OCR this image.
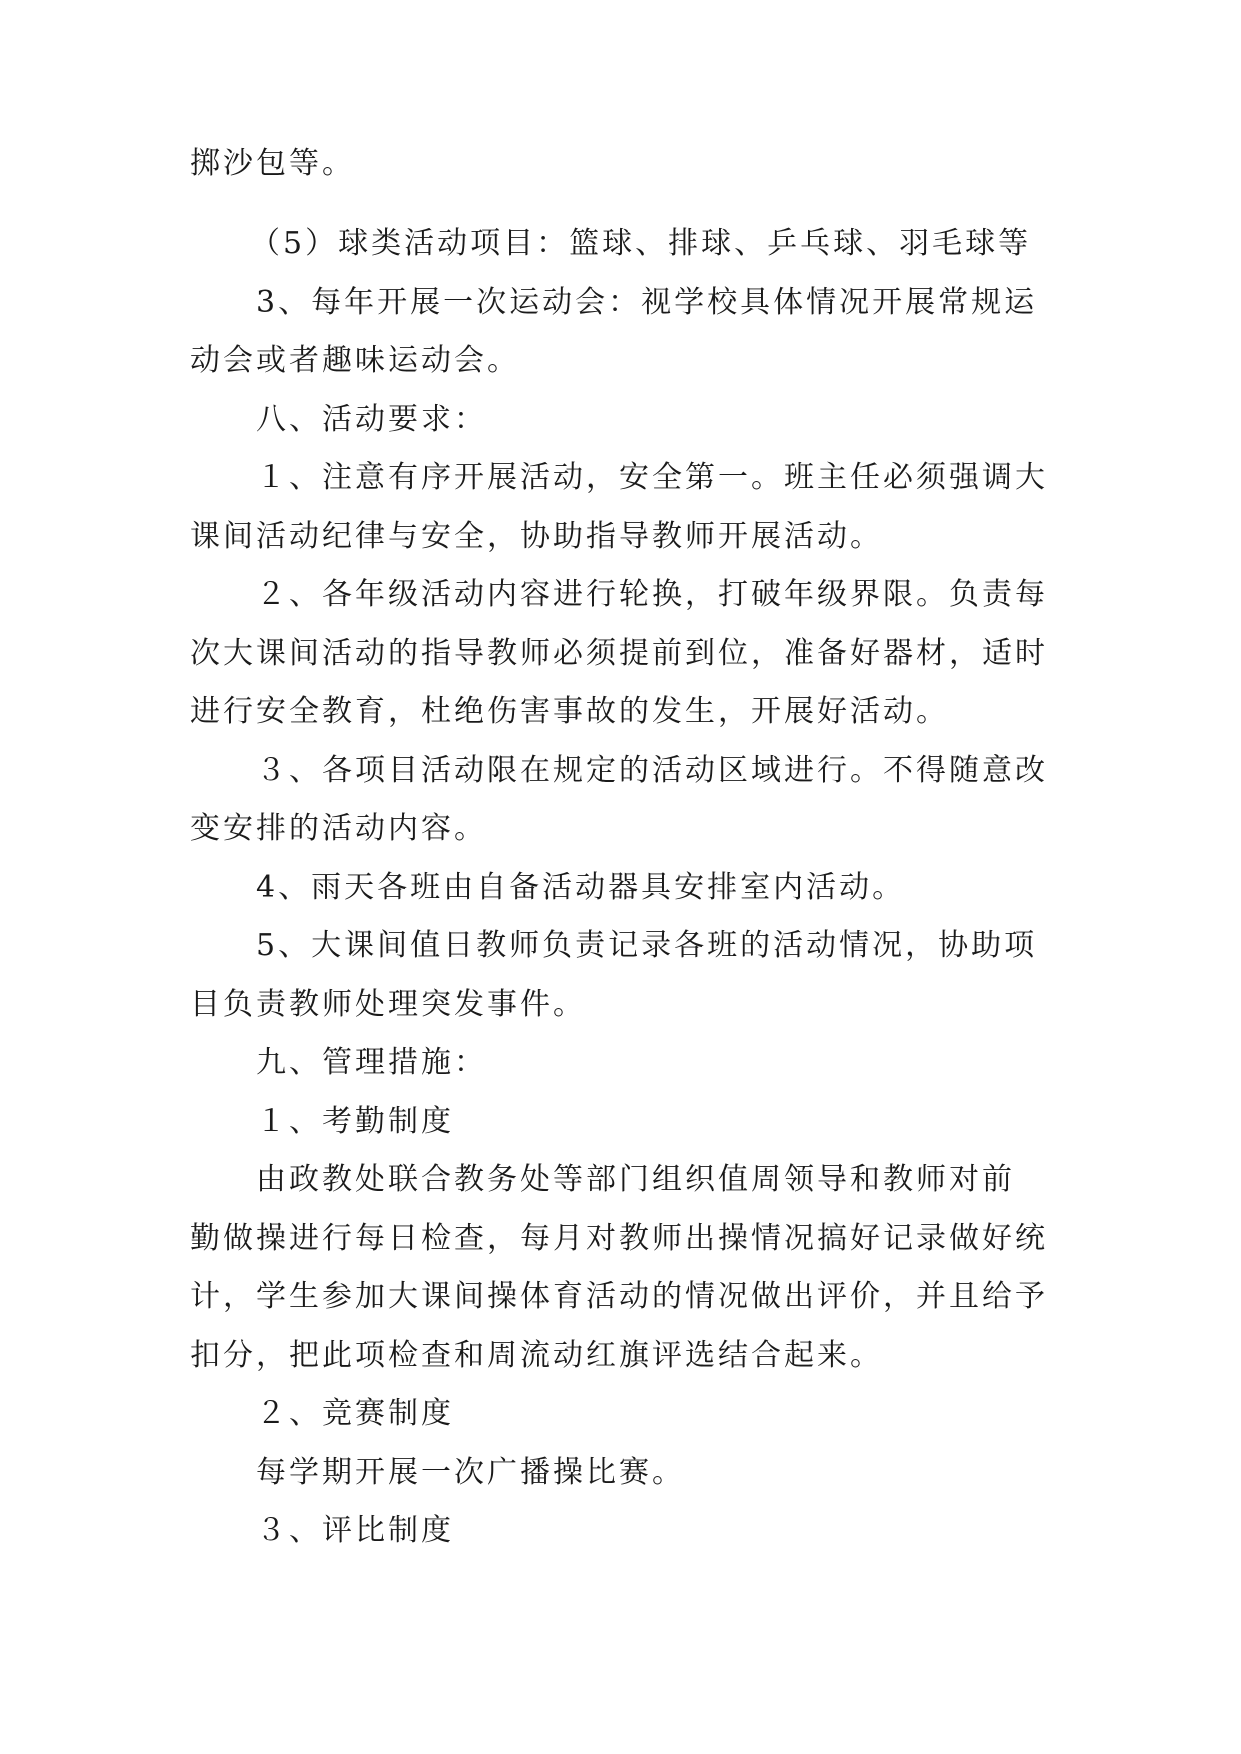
掷沙包等。
（5）球类活动项目：篮球、排球、乒乓球、羽毛球等
3、每年开展一次运动会：视学校具体情况开展常规运
动会或者趣味运动会。
八、活动要求：
１、注意有序开展活动，安全第一。班主任必须强调大
课间活动纪律与安全，协助指导教师开展活动。
２、各年级活动内容进行轮换，打破年级界限。负责每
次大课间活动的指导教师必须提前到位，准备好器材，适时
进行安全教育，杜绝伤害事故的发生，开展好活动。
３、各项目活动限在规定的活动区域进行。不得随意改
变安排的活动内容。
4、雨天各班由自备活动器具安排室内活动。
5、大课间值日教师负责记录各班的活动情况，协助项
目负责教师处理突发事件。
九、管理措施：
１、考勤制度
由政教处联合教务处等部门组织值周领导和教师对前
勤做操进行每日检查，每月对教师出操情况搞好记录做好统
计，学生参加大课间操体育活动的情况做出评价，并且给予
扣分，把此项检查和周流动红旗评选结合起来。
２、竞赛制度
每学期开展一次广播操比赛。
３、评比制度
